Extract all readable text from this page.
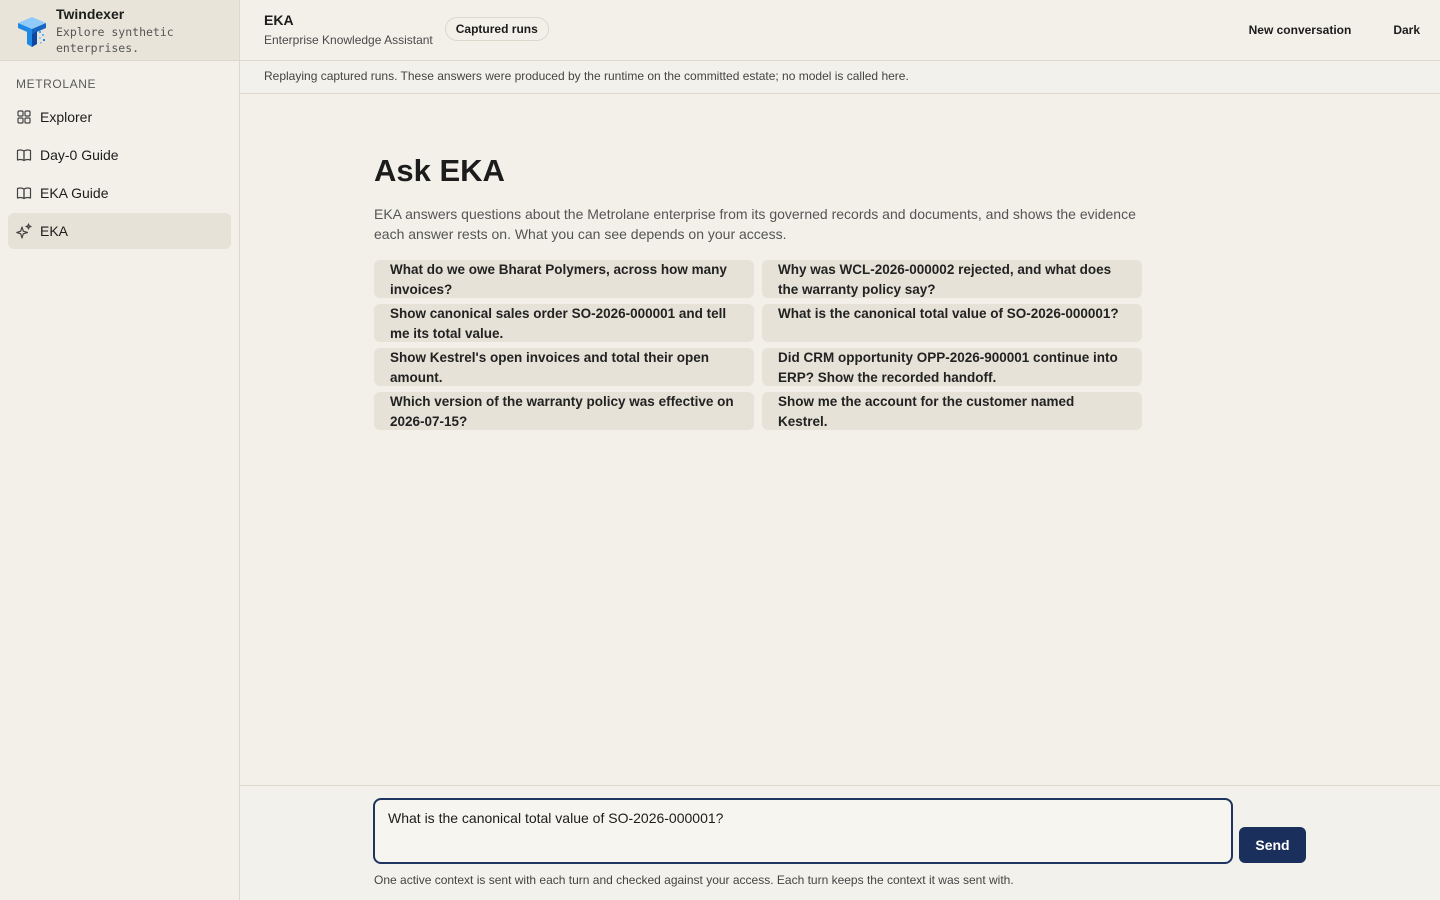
Twindexer
Explore synthetic enterprises.
METROLANE
Explorer
Day-0 Guide
EKA Guide
EKA
EKA
Enterprise Knowledge Assistant
Captured runs	New conversation	Dark
Replaying captured runs. These answers were produced by the runtime on the committed estate; no model is called here.
Ask EKA

EKA answers questions about the Metrolane enterprise from its governed records and documents, and shows the evidence each answer rests on. What you can see depends on your access.

What do we owe Bharat Polymers, across how many invoices?
Why was WCL-2026-000002 rejected, and what does the warranty policy say?
Show canonical sales order SO-2026-000001 and tell me its total value.
What is the canonical total value of SO-2026-000001?
Show Kestrel's open invoices and total their open amount.
Did CRM opportunity OPP-2026-900001 continue into ERP? Show the recorded handoff.
Which version of the warranty policy was effective on 2026-07-15?
Show me the account for the customer named Kestrel.
What is the canonical total value of SO-2026-000001?
Send
One active context is sent with each turn and checked against your access. Each turn keeps the context it was sent with.
